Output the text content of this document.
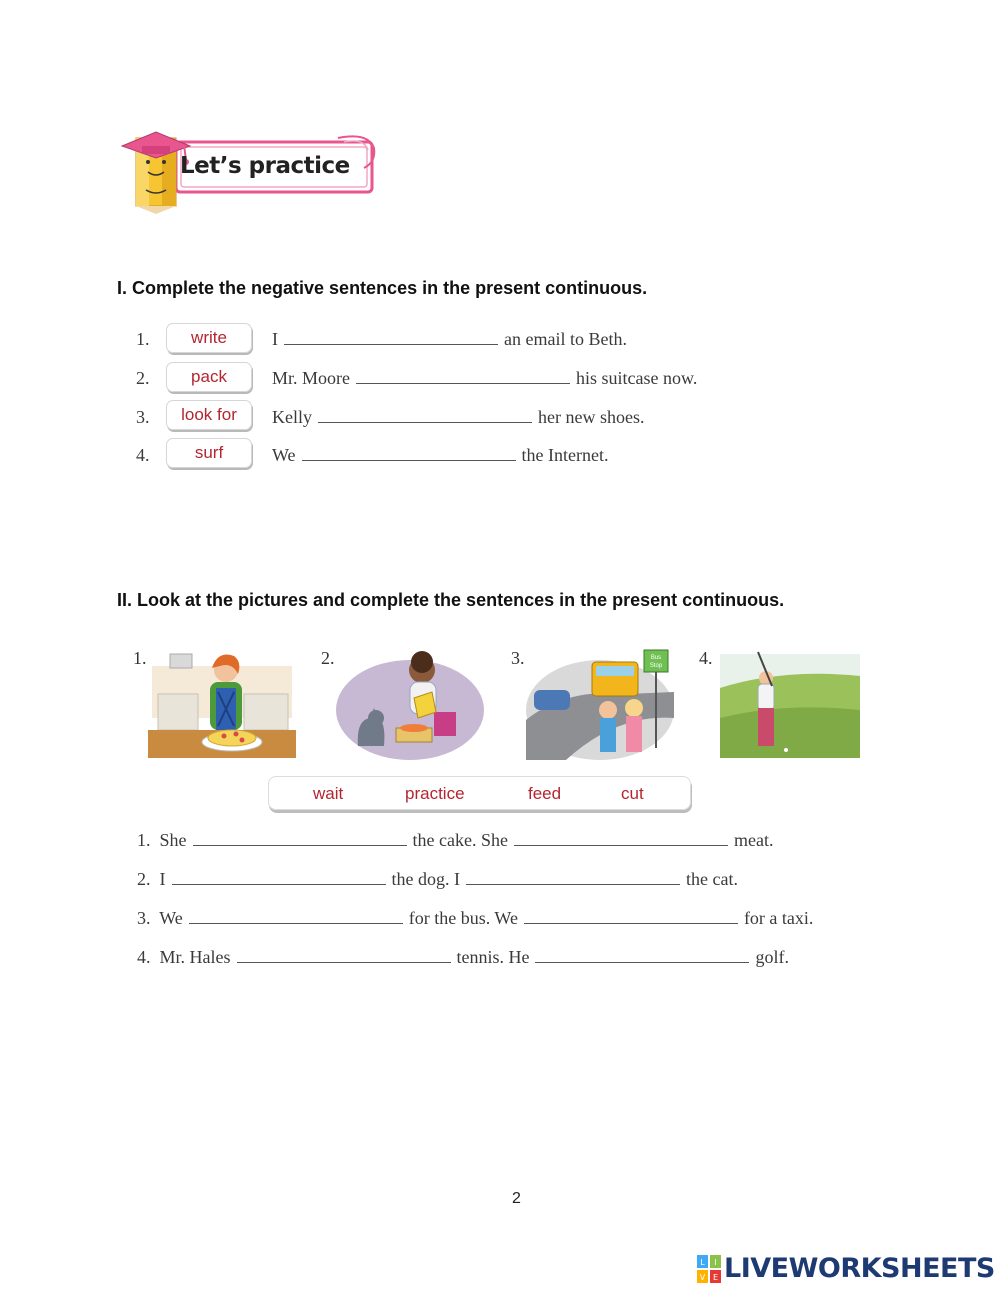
Let’s practice
I. Complete the negative sentences in the present continuous.
1.	write	I	an email to Beth.
2.	pack	Mr. Moore	his suitcase now.
3.	look for	Kelly	her new shoes.
4.	surf	We	the Internet.
II. Look at the pictures and complete the sentences in the present continuous.
1.	2.	3.	Bus
Stop 4.
wait	practice	feed	cut
1. She	the cake. She	meat.
2. I	the dog. I	the cat.
3. We	for the bus. We	for a taxi.
4. Mr. Hales	tennis. He	golf.
2
L I
V E LIVEWORKSHEETS
